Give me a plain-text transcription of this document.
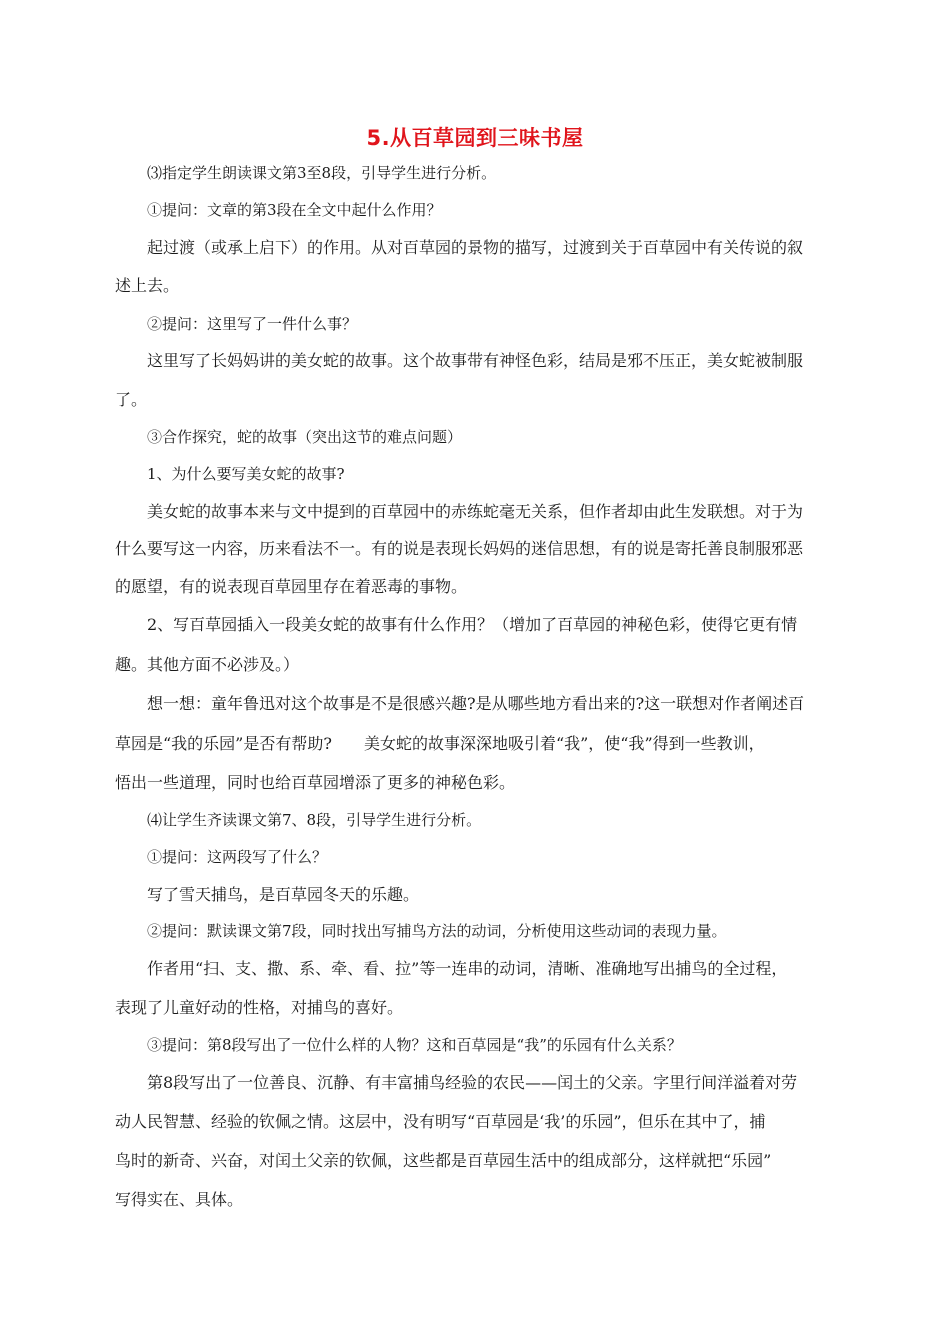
5.从百草园到三味书屋
⑶指定学生朗读课文第3至8段，引导学生进行分析。
①提问：文章的第3段在全文中起什么作用？
起过渡（或承上启下）的作用。从对百草园的景物的描写，过渡到关于百草园中有关传说的叙
述上去。
②提问：这里写了一件什么事？
这里写了长妈妈讲的美女蛇的故事。这个故事带有神怪色彩，结局是邪不压正，美女蛇被制服
了。
③合作探究，蛇的故事（突出这节的难点问题）
1、为什么要写美女蛇的故事?
美女蛇的故事本来与文中提到的百草园中的赤练蛇毫无关系，但作者却由此生发联想。对于为
什么要写这一内容，历来看法不一。有的说是表现长妈妈的迷信思想，有的说是寄托善良制服邪恶
的愿望，有的说表现百草园里存在着恶毒的事物。
2、写百草园插入一段美女蛇的故事有什么作用？（增加了百草园的神秘色彩，使得它更有情
趣。其他方面不必涉及。）
想一想：童年鲁迅对这个故事是不是很感兴趣?是从哪些地方看出来的?这一联想对作者阐述百
草园是“我的乐园”是否有帮助?　　美女蛇的故事深深地吸引着“我”，使“我”得到一些教训，
悟出一些道理，同时也给百草园增添了更多的神秘色彩。
⑷让学生齐读课文第7、8段，引导学生进行分析。
①提问：这两段写了什么？
写了雪天捕鸟，是百草园冬天的乐趣。
②提问：默读课文第7段，同时找出写捕鸟方法的动词，分析使用这些动词的表现力量。
作者用“扫、支、撒、系、牵、看、拉”等一连串的动词，清晰、准确地写出捕鸟的全过程，
表现了儿童好动的性格，对捕鸟的喜好。
③提问：第8段写出了一位什么样的人物？这和百草园是“我”的乐园有什么关系？
第8段写出了一位善良、沉静、有丰富捕鸟经验的农民——闰土的父亲。字里行间洋溢着对劳
动人民智慧、经验的钦佩之情。这层中，没有明写“百草园是‘我’的乐园”，但乐在其中了，捕
鸟时的新奇、兴奋，对闰土父亲的钦佩，这些都是百草园生活中的组成部分，这样就把“乐园”
写得实在、具体。
